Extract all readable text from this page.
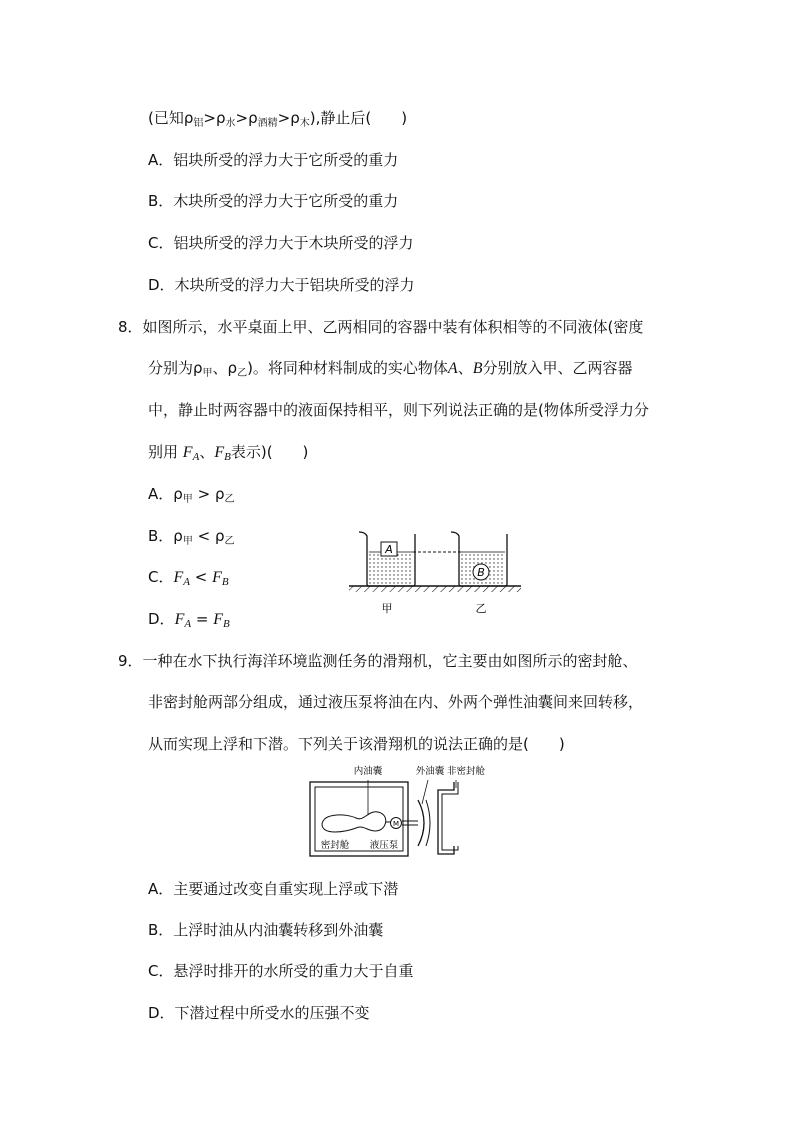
(已知$\rho_铝>\rho_水>\rho_{酒精}>\rho_木$),静止后(　　)
A．铝块所受的浮力大于它所受的重力
B．木块所受的浮力大于它所受的重力
C．铝块所受的浮力大于木块所受的浮力
D．木块所受的浮力大于铝块所受的浮力
8．如图所示，水平桌面上甲、乙两相同的容器中装有体积相等的不同液体(密度
分别为$\rho_甲$、$\rho_乙$)。将同种材料制成的实心物体A、B分别放入甲、乙两容器
中，静止时两容器中的液面保持相平，则下列说法正确的是(物体所受浮力分
别用 $F_A$、$F_B$表示)(　　)
A．$\rho_甲 > \rho_乙$
B．$\rho_甲 < \rho_乙$
C．$F_A < F_B$
D．$F_A = F_B$
A
B
甲	乙
9．一种在水下执行海洋环境监测任务的滑翔机，它主要由如图所示的密封舱、
非密封舱两部分组成，通过液压泵将油在内、外两个弹性油囊间来回转移，
从而实现上浮和下潜。下列关于该滑翔机的说法正确的是(　　)
M
内油囊	外油囊 非密封舱
密封舱 液压泵
A．主要通过改变自重实现上浮或下潜
B．上浮时油从内油囊转移到外油囊
C．悬浮时排开的水所受的重力大于自重
D．下潜过程中所受水的压强不变
